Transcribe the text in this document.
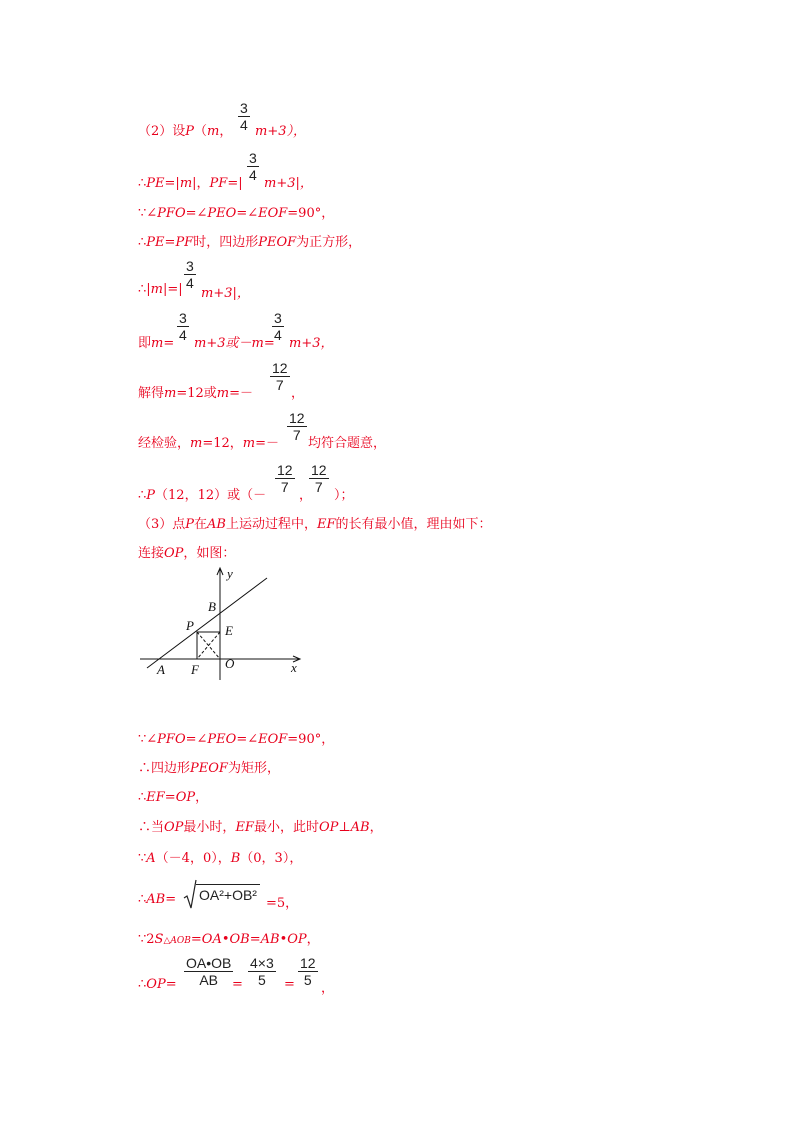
（2）设P（m， $\frac{3}{4} m+3$），
∴PE=|m|，PF=|
$\frac{3}{4}$
m+3|，
∵∠PFO=∠PEO=∠EOF=90°，
∴PE=PF时，四边形PEOF为正方形，
∴|m|=| $\frac{3}{4}$
m+3|，
即m=
$\frac{3}{4}$
m+3或－m=
$\frac{3}{4}$
m+3，
解得m=12或m=－
$\frac{12}{7}$
，
经检验，m=12，m=－
$\frac{12}{7}$
均符合题意，
∴P（12，12）或（－
$\frac{12}{7}$
，
$\frac{12}{7}$
）；
（3）点P在AB上运动过程中，EF的长有最小值，理由如下：
连接OP，如图：
y
x
B
P E
A F O
∵∠PFO=∠PEO=∠EOF=90°，
∴四边形PEOF为矩形，
∴EF=OP，
∴当OP最小时，EF最小，此时OP⊥AB，
∵A（－4，0），B（0，3），
∴AB= OA²+OB²
=5，
∵2S△AOB=OA•OB=AB•OP，
∴OP= $\frac{OA•OB}{AB}$
= $\frac{4\times 3}{5} = \frac{12}{5}$
，
